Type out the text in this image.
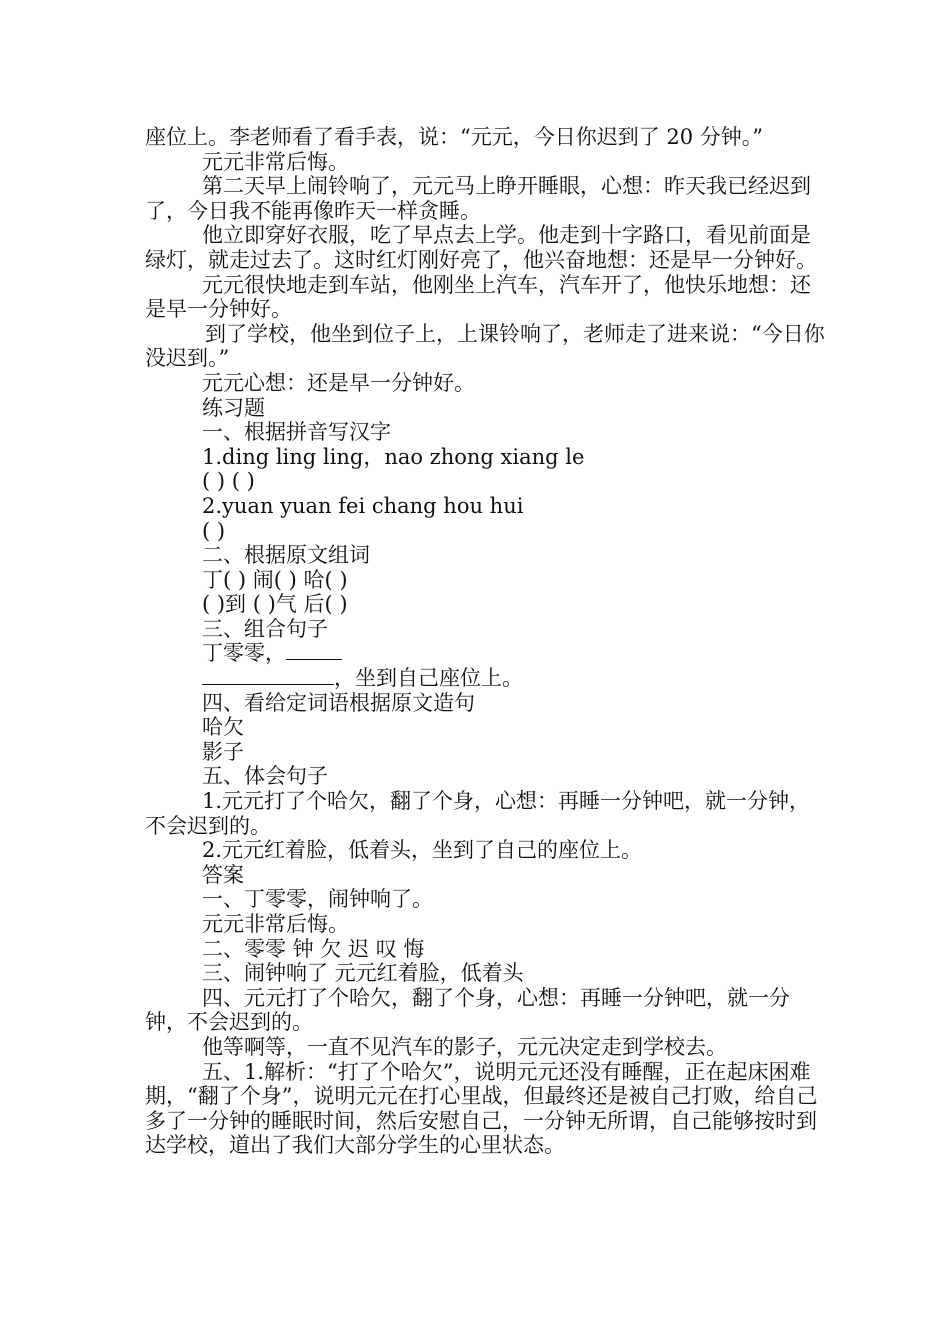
座位上。李老师看了看手表，说：“元元，今日你迟到了 20 分钟。”

元元非常后悔。

第二天早上闹铃响了，元元马上睁开睡眼，心想：昨天我已经迟到了，今日我不能再像昨天一样贪睡。

他立即穿好衣服，吃了早点去上学。他走到十字路口，看见前面是绿灯，就走过去了。这时红灯刚好亮了，他兴奋地想：还是早一分钟好。

元元很快地走到车站，他刚坐上汽车，汽车开了，他快乐地想：还是早一分钟好。

到了学校，他坐到位子上，上课铃响了，老师走了进来说：“今日你没迟到。”

元元心想：还是早一分钟好。

练习题

一、根据拼音写汉字

1.ding ling ling，nao zhong xiang le

( ) ( )

2.yuan yuan fei chang hou hui

( )

二、根据原文组词

丁( ) 闹( ) 哈( )

( )到 ( )气 后( )

三、组合句子

丁零零，

，坐到自己座位上。

四、看给定词语根据原文造句

哈欠

影子

五、体会句子

1.元元打了个哈欠，翻了个身，心想：再睡一分钟吧，就一分钟，不会迟到的。

2.元元红着脸，低着头，坐到了自己的座位上。

答案

一、丁零零，闹钟响了。

元元非常后悔。

二、零零 钟 欠 迟 叹 悔

三、闹钟响了 元元红着脸，低着头

四、元元打了个哈欠，翻了个身，心想：再睡一分钟吧，就一分钟，不会迟到的。

他等啊等，一直不见汽车的影子，元元决定走到学校去。

五、1.解析：“打了个哈欠”，说明元元还没有睡醒，正在起床困难期，“翻了个身”，说明元元在打心里战，但最终还是被自己打败，给自己多了一分钟的睡眠时间，然后安慰自己，一分钟无所谓，自己能够按时到达学校，道出了我们大部分学生的心里状态。
